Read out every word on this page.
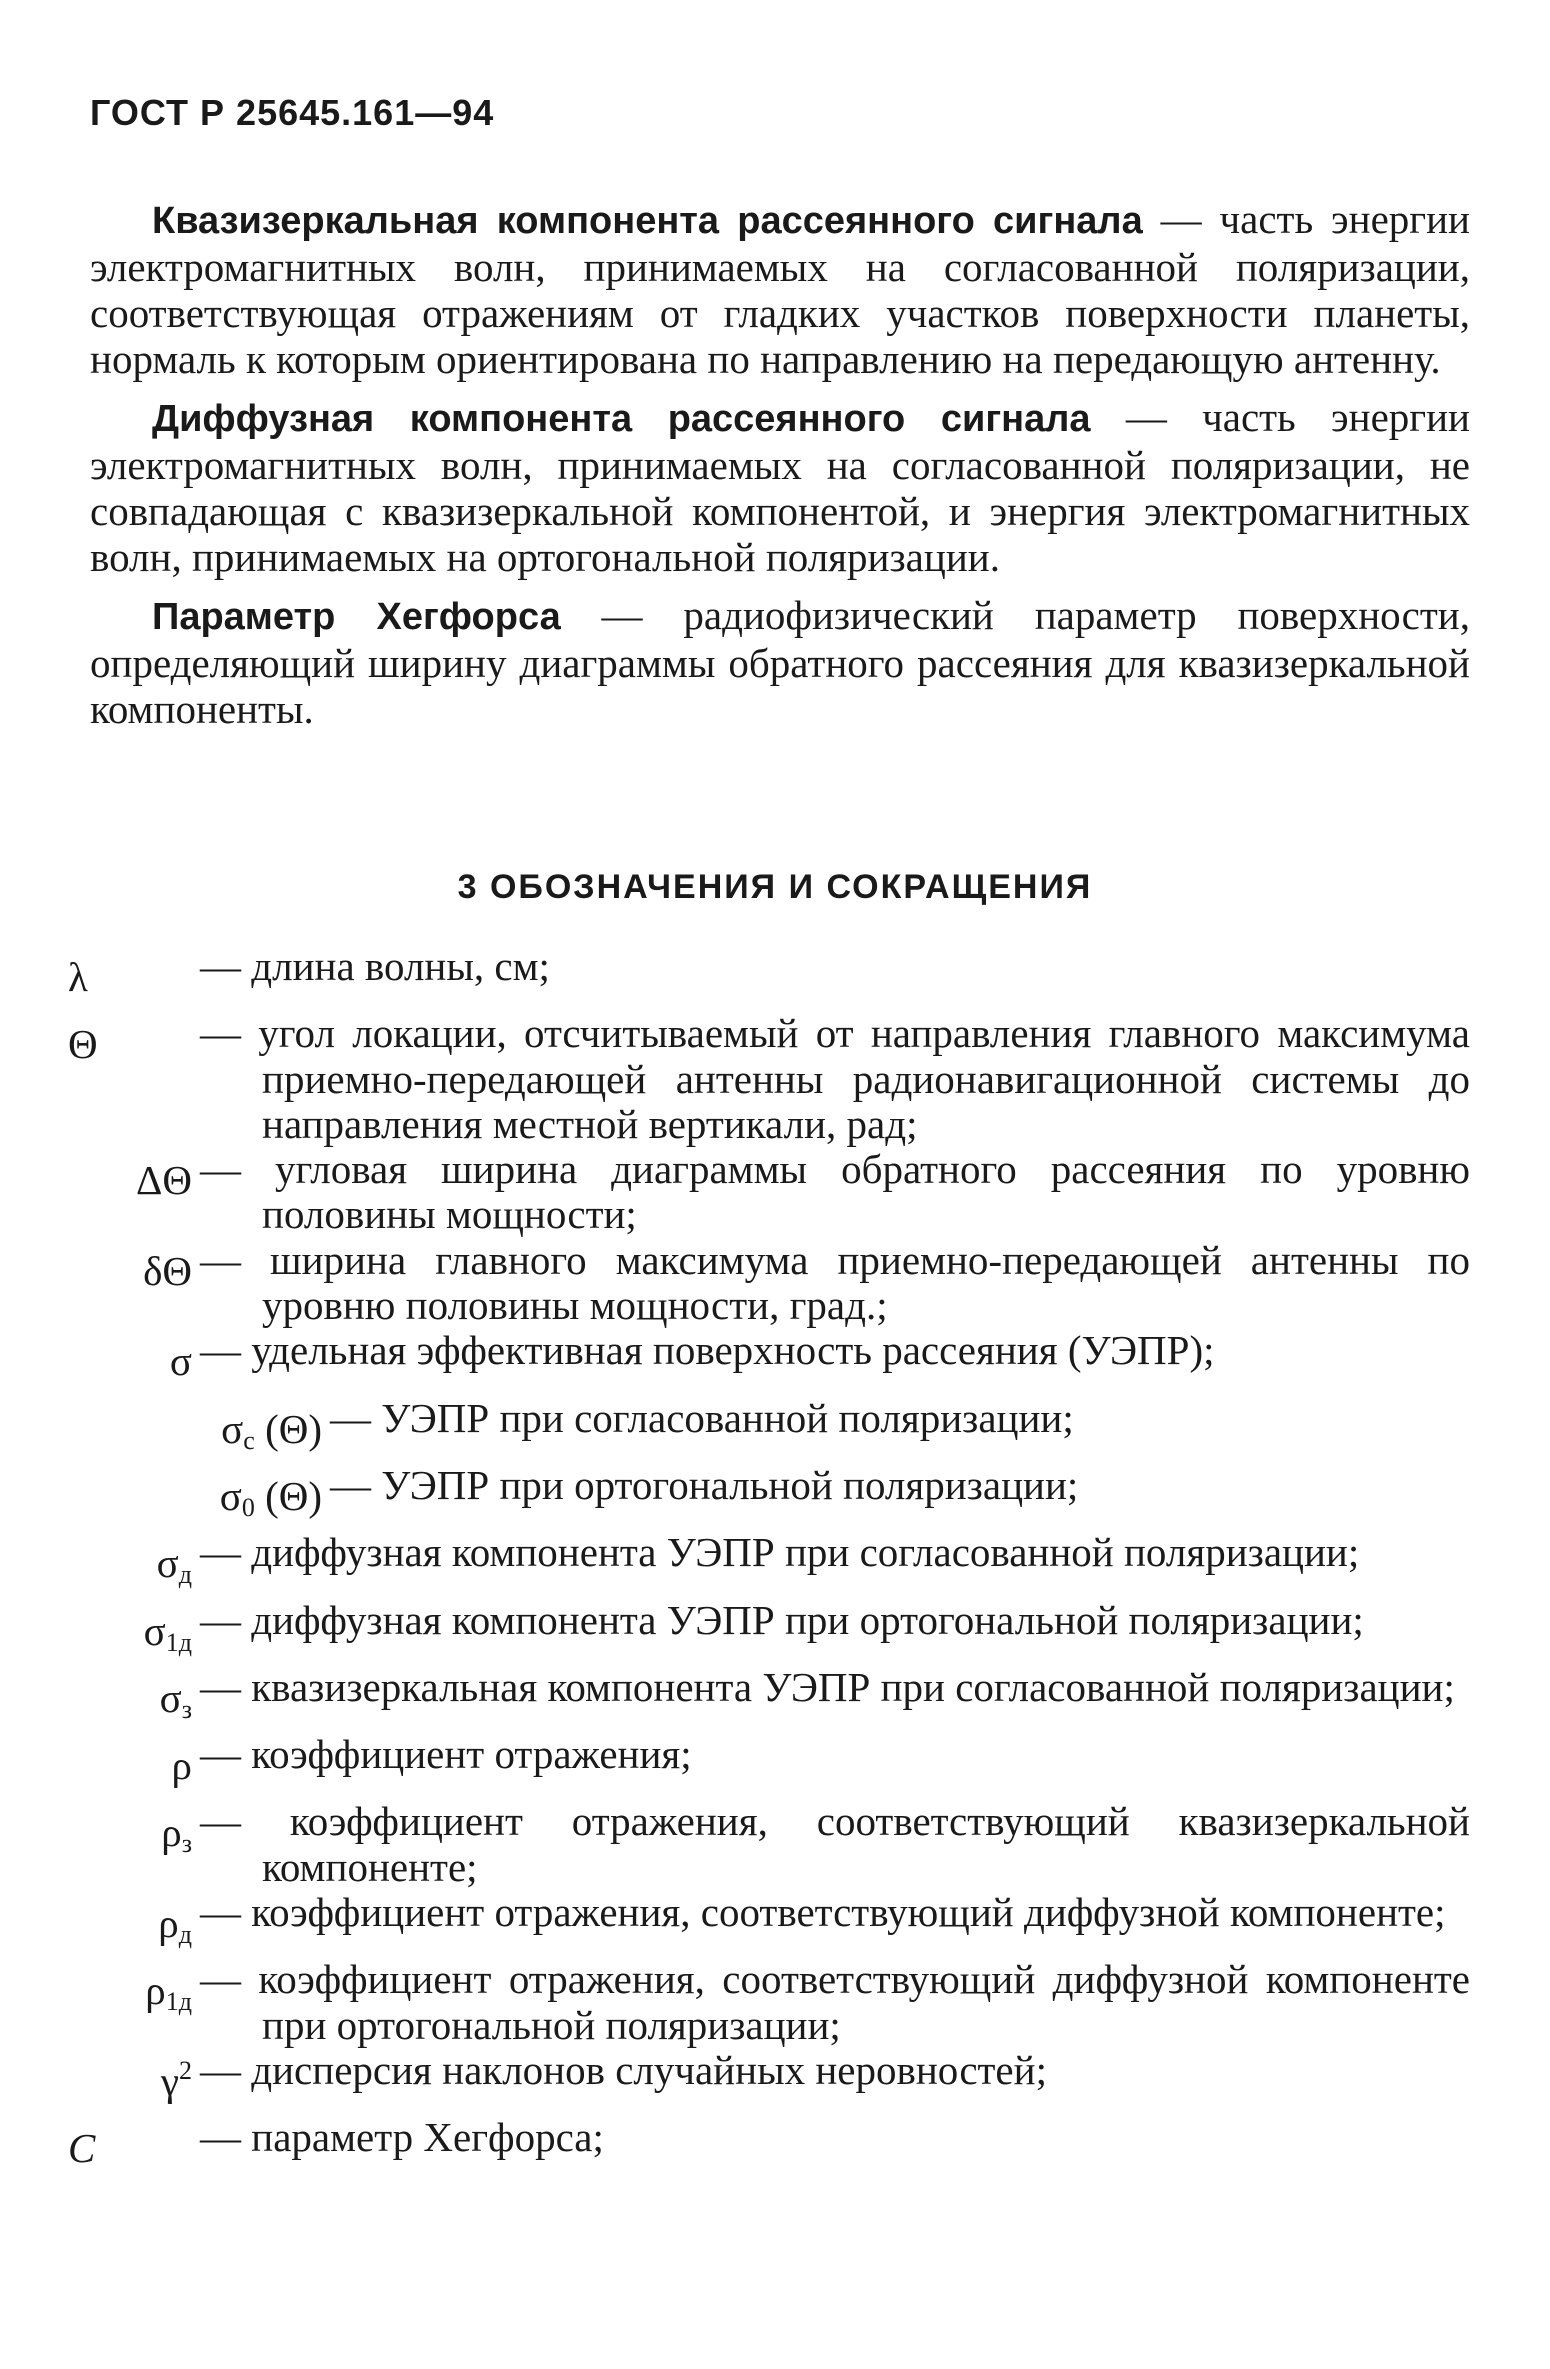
ГОСТ Р 25645.161—94

Квазизеркальная компонента рассеянного сигнала — часть энергии электромагнитных волн, принимаемых на согласованной поляризации, соответствующая отражениям от гладких участков поверхности планеты, нормаль к которым ориентирована по направлению на передающую антенну.

Диффузная компонента рассеянного сигнала — часть энергии электромагнитных волн, принимаемых на согласованной поляризации, не совпадающая с квазизеркальной компонентой, и энергия электромагнитных волн, принимаемых на ортогональной поляризации.

Параметр Хегфорса — радиофизический параметр поверхности, определяющий ширину диаграммы обратного рассеяния для квазизеркальной компоненты.

3 ОБОЗНАЧЕНИЯ И СОКРАЩЕНИЯ
λ	— длина волны, см;
Θ	— угол локации, отсчитываемый от направления главного максимума приемно-передающей антенны радионавигационной системы до направления местной вертикали, рад;
ΔΘ — угловая ширина диаграммы обратного рассеяния по уровню половины мощности;
δΘ — ширина главного максимума приемно-передающей антенны по уровню половины мощности, град.;
σ — удельная эффективная поверхность рассеяния (УЭПР);
$\sigma_с$ (Θ) — УЭПР при согласованной поляризации;
$\sigma_0$ (Θ) — УЭПР при ортогональной поляризации;
$\sigma_д$ — диффузная компонента УЭПР при согласованной поляризации;
$\sigma_{1д}$ — диффузная компонента УЭПР при ортогональной поляризации;
$\sigma_з$ — квазизеркальная компонента УЭПР при согласованной поляризации;
ρ — коэффициент отражения;
$\rho_з$ — коэффициент отражения, соответствующий квазизеркальной компоненте;
$\rho_д$ — коэффициент отражения, соответствующий диффузной компоненте;
$\rho_{1д}$ — коэффициент отражения, соответствующий диффузной компоненте при ортогональной поляризации;
$\gamma^2$ — дисперсия наклонов случайных неровностей;
C	— параметр Хегфорса;
